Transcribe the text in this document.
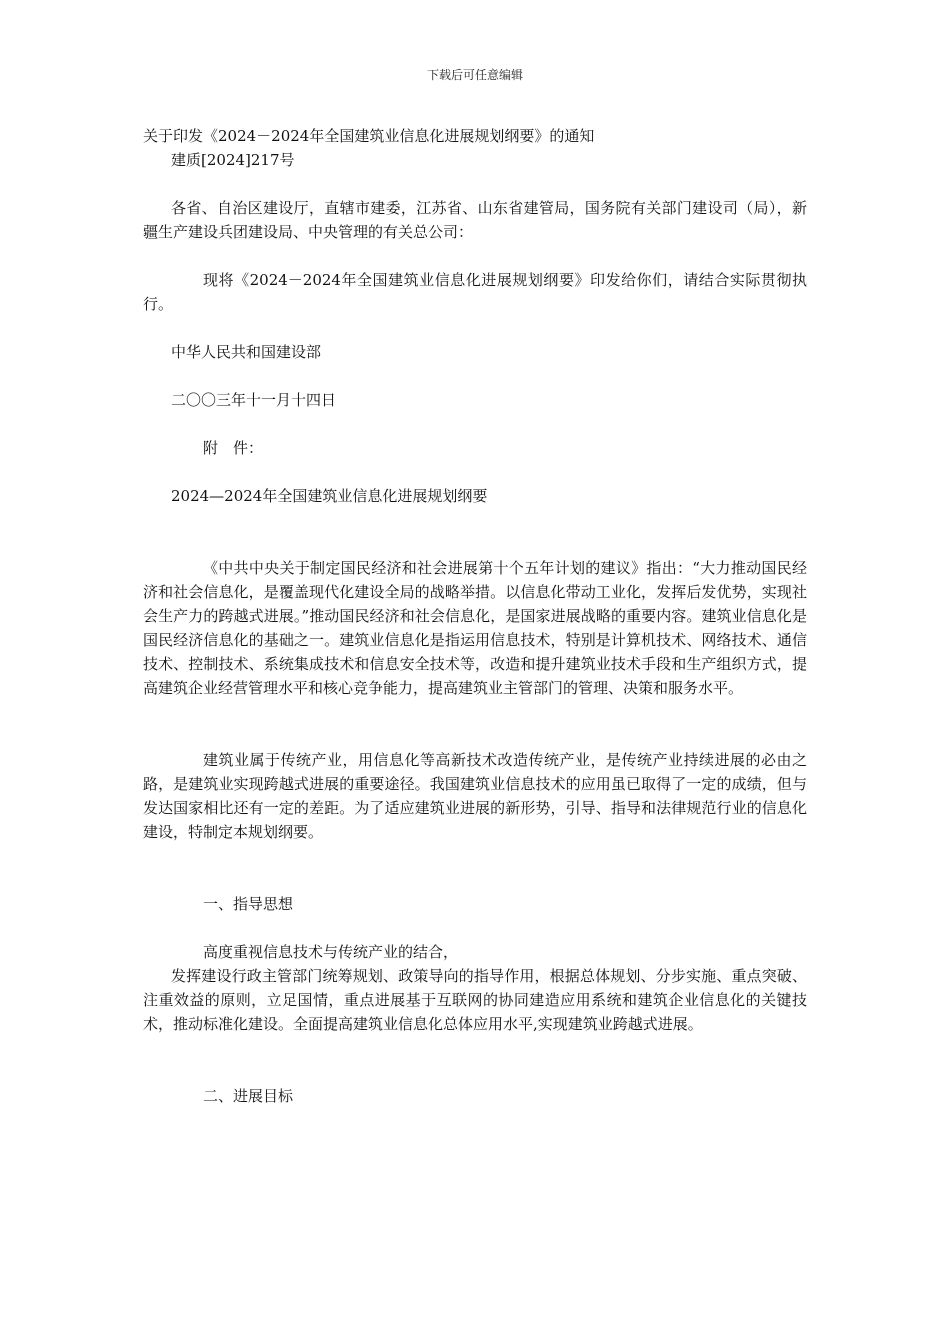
下载后可任意编辑

关于印发《2024－2024年全国建筑业信息化进展规划纲要》的通知

建质[2024]217号

各省、自治区建设厅，直辖市建委，江苏省、山东省建管局，国务院有关部门建设司（局），新疆生产建设兵团建设局、中央管理的有关总公司：

现将《2024－2024年全国建筑业信息化进展规划纲要》印发给你们，请结合实际贯彻执行。

中华人民共和国建设部

二〇〇三年十一月十四日

附　件：

2024—2024年全国建筑业信息化进展规划纲要

《中共中央关于制定国民经济和社会进展第十个五年计划的建议》指出：“大力推动国民经济和社会信息化，是覆盖现代化建设全局的战略举措。以信息化带动工业化，发挥后发优势，实现社会生产力的跨越式进展。”推动国民经济和社会信息化，是国家进展战略的重要内容。建筑业信息化是国民经济信息化的基础之一。建筑业信息化是指运用信息技术，特别是计算机技术、网络技术、通信技术、控制技术、系统集成技术和信息安全技术等，改造和提升建筑业技术手段和生产组织方式，提高建筑企业经营管理水平和核心竞争能力，提高建筑业主管部门的管理、决策和服务水平。

建筑业属于传统产业，用信息化等高新技术改造传统产业，是传统产业持续进展的必由之路，是建筑业实现跨越式进展的重要途径。我国建筑业信息技术的应用虽已取得了一定的成绩，但与发达国家相比还有一定的差距。为了适应建筑业进展的新形势，引导、指导和法律规范行业的信息化建设，特制定本规划纲要。

一、指导思想

高度重视信息技术与传统产业的结合，

发挥建设行政主管部门统筹规划、政策导向的指导作用，根据总体规划、分步实施、重点突破、注重效益的原则，立足国情，重点进展基于互联网的协同建造应用系统和建筑企业信息化的关键技术，推动标准化建设。全面提高建筑业信息化总体应用水平,实现建筑业跨越式进展。

二、进展目标
